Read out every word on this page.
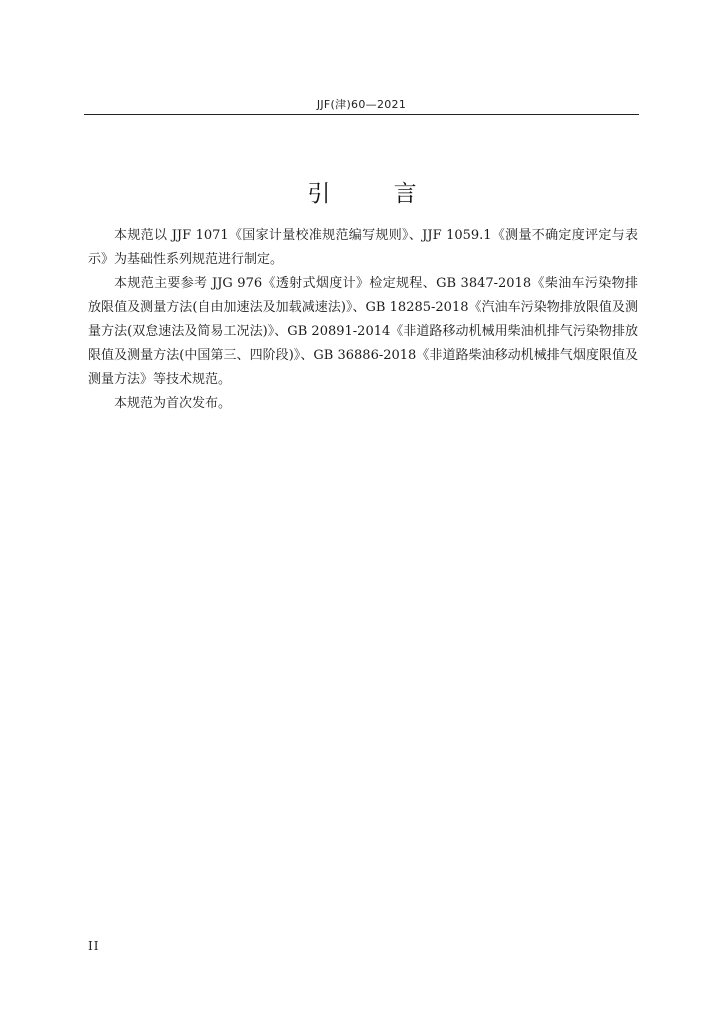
JJF(津)60—2021
引 言

本规范以 JJF 1071《国家计量校准规范编写规则》、JJF 1059.1《测量不确定度评定与表示》为基础性系列规范进行制定。

本规范主要参考 JJG 976《透射式烟度计》检定规程、GB 3847-2018《柴油车污染物排放限值及测量方法(自由加速法及加载减速法)》、GB 18285-2018《汽油车污染物排放限值及测量方法(双怠速法及简易工况法)》、GB 20891-2014《非道路移动机械用柴油机排气污染物排放限值及测量方法(中国第三、四阶段)》、GB 36886-2018《非道路柴油移动机械排气烟度限值及测量方法》等技术规范。

本规范为首次发布。

II
